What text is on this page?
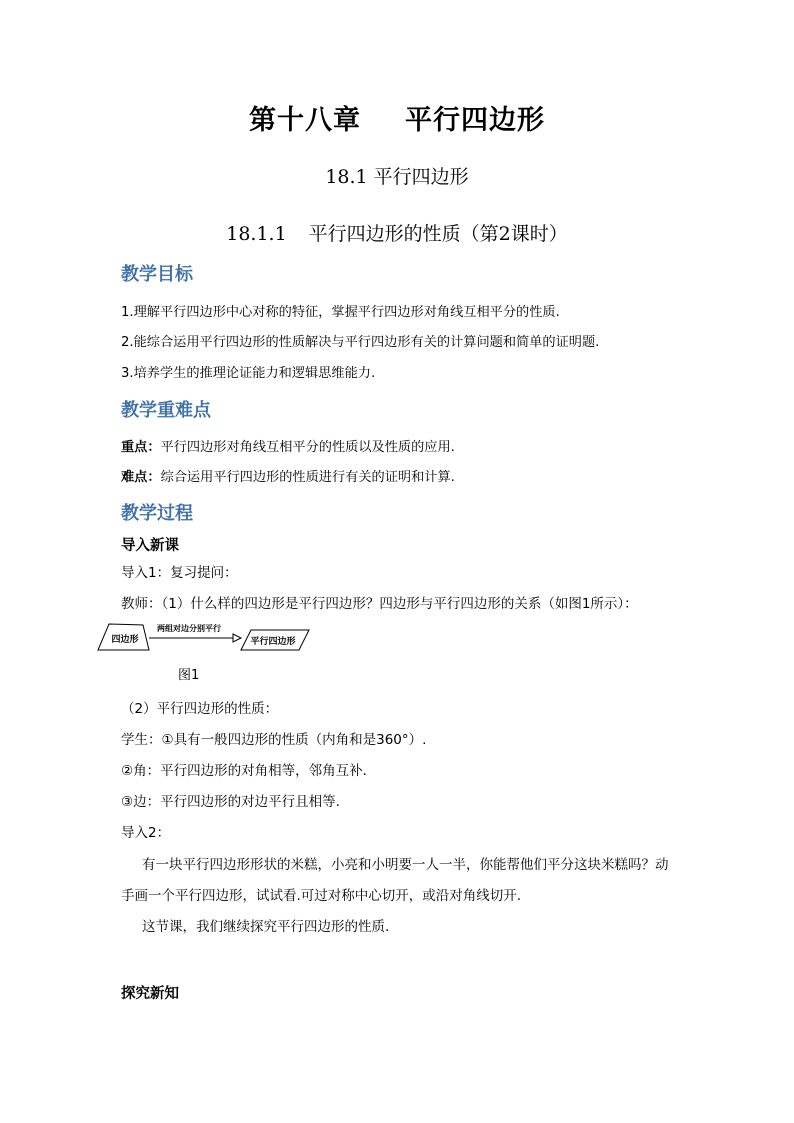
第十八章 平行四边形
18.1 平行四边形
18.1.1 平行四边形的性质（第2课时）
教学目标
1.理解平行四边形中心对称的特征，掌握平行四边形对角线互相平分的性质.
2.能综合运用平行四边形的性质解决与平行四边形有关的计算问题和简单的证明题.
3.培养学生的推理论证能力和逻辑思维能力.
教学重难点
重点：平行四边形对角线互相平分的性质以及性质的应用.
难点：综合运用平行四边形的性质进行有关的证明和计算.
教学过程
导入新课
导入1：复习提问：
教师：（1）什么样的四边形是平行四边形？四边形与平行四边形的关系（如图1所示）：
四边形
两组对边分别平行
平行四边形
图1
（2）平行四边形的性质：
学生：①具有一般四边形的性质（内角和是360°）.
②角：平行四边形的对角相等，邻角互补.
③边：平行四边形的对边平行且相等.
导入2：
有一块平行四边形形状的米糕，小亮和小明要一人一半，你能帮他们平分这块米糕吗？动
手画一个平行四边形，试试看.可过对称中心切开，或沿对角线切开.
这节课，我们继续探究平行四边形的性质.
探究新知
